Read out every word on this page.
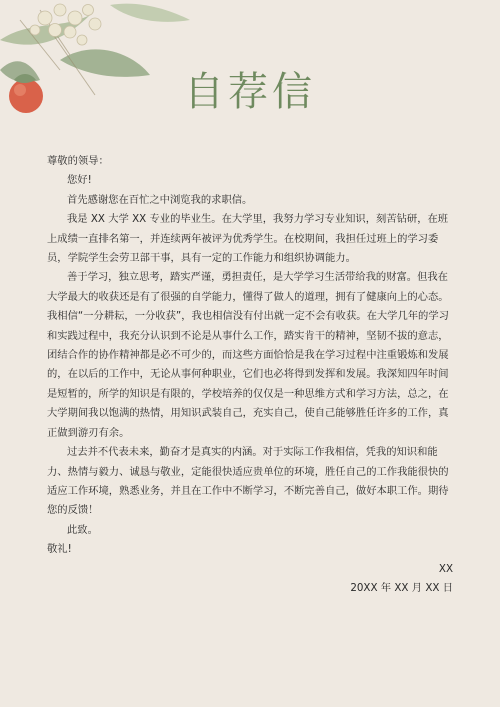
自荐信

尊敬的领导：

您好!

首先感谢您在百忙之中浏览我的求职信。

我是 XX 大学 XX 专业的毕业生。在大学里，我努力学习专业知识，刻苦钻研，在班上成绩一直排名第一，并连续两年被评为优秀学生。在校期间，我担任过班上的学习委员，学院学生会劳卫部干事，具有一定的工作能力和组织协调能力。

善于学习，独立思考，踏实严谨，勇担责任，是大学学习生活带给我的财富。但我在大学最大的收获还是有了很强的自学能力，懂得了做人的道理，拥有了健康向上的心态。我相信“一分耕耘，一分收获”，我也相信没有付出就一定不会有收获。在大学几年的学习和实践过程中，我充分认识到不论是从事什么工作，踏实肯干的精神，坚韧不拔的意志，团结合作的协作精神都是必不可少的，而这些方面恰恰是我在学习过程中注重锻炼和发展的，在以后的工作中，无论从事何种职业，它们也必将得到发挥和发展。我深知四年时间是短暂的，所学的知识是有限的，学校培养的仅仅是一种思维方式和学习方法，总之，在大学期间我以饱满的热情，用知识武装自己，充实自己，使自己能够胜任许多的工作，真正做到游刃有余。

过去并不代表未来，勤奋才是真实的内涵。对于实际工作我相信，凭我的知识和能力、热情与毅力、诚恳与敬业，定能很快适应贵单位的环境，胜任自己的工作我能很快的适应工作环境，熟悉业务，并且在工作中不断学习，不断完善自己，做好本职工作。期待您的反馈！

此致。

敬礼!

XX

20XX 年 XX 月 XX 日
